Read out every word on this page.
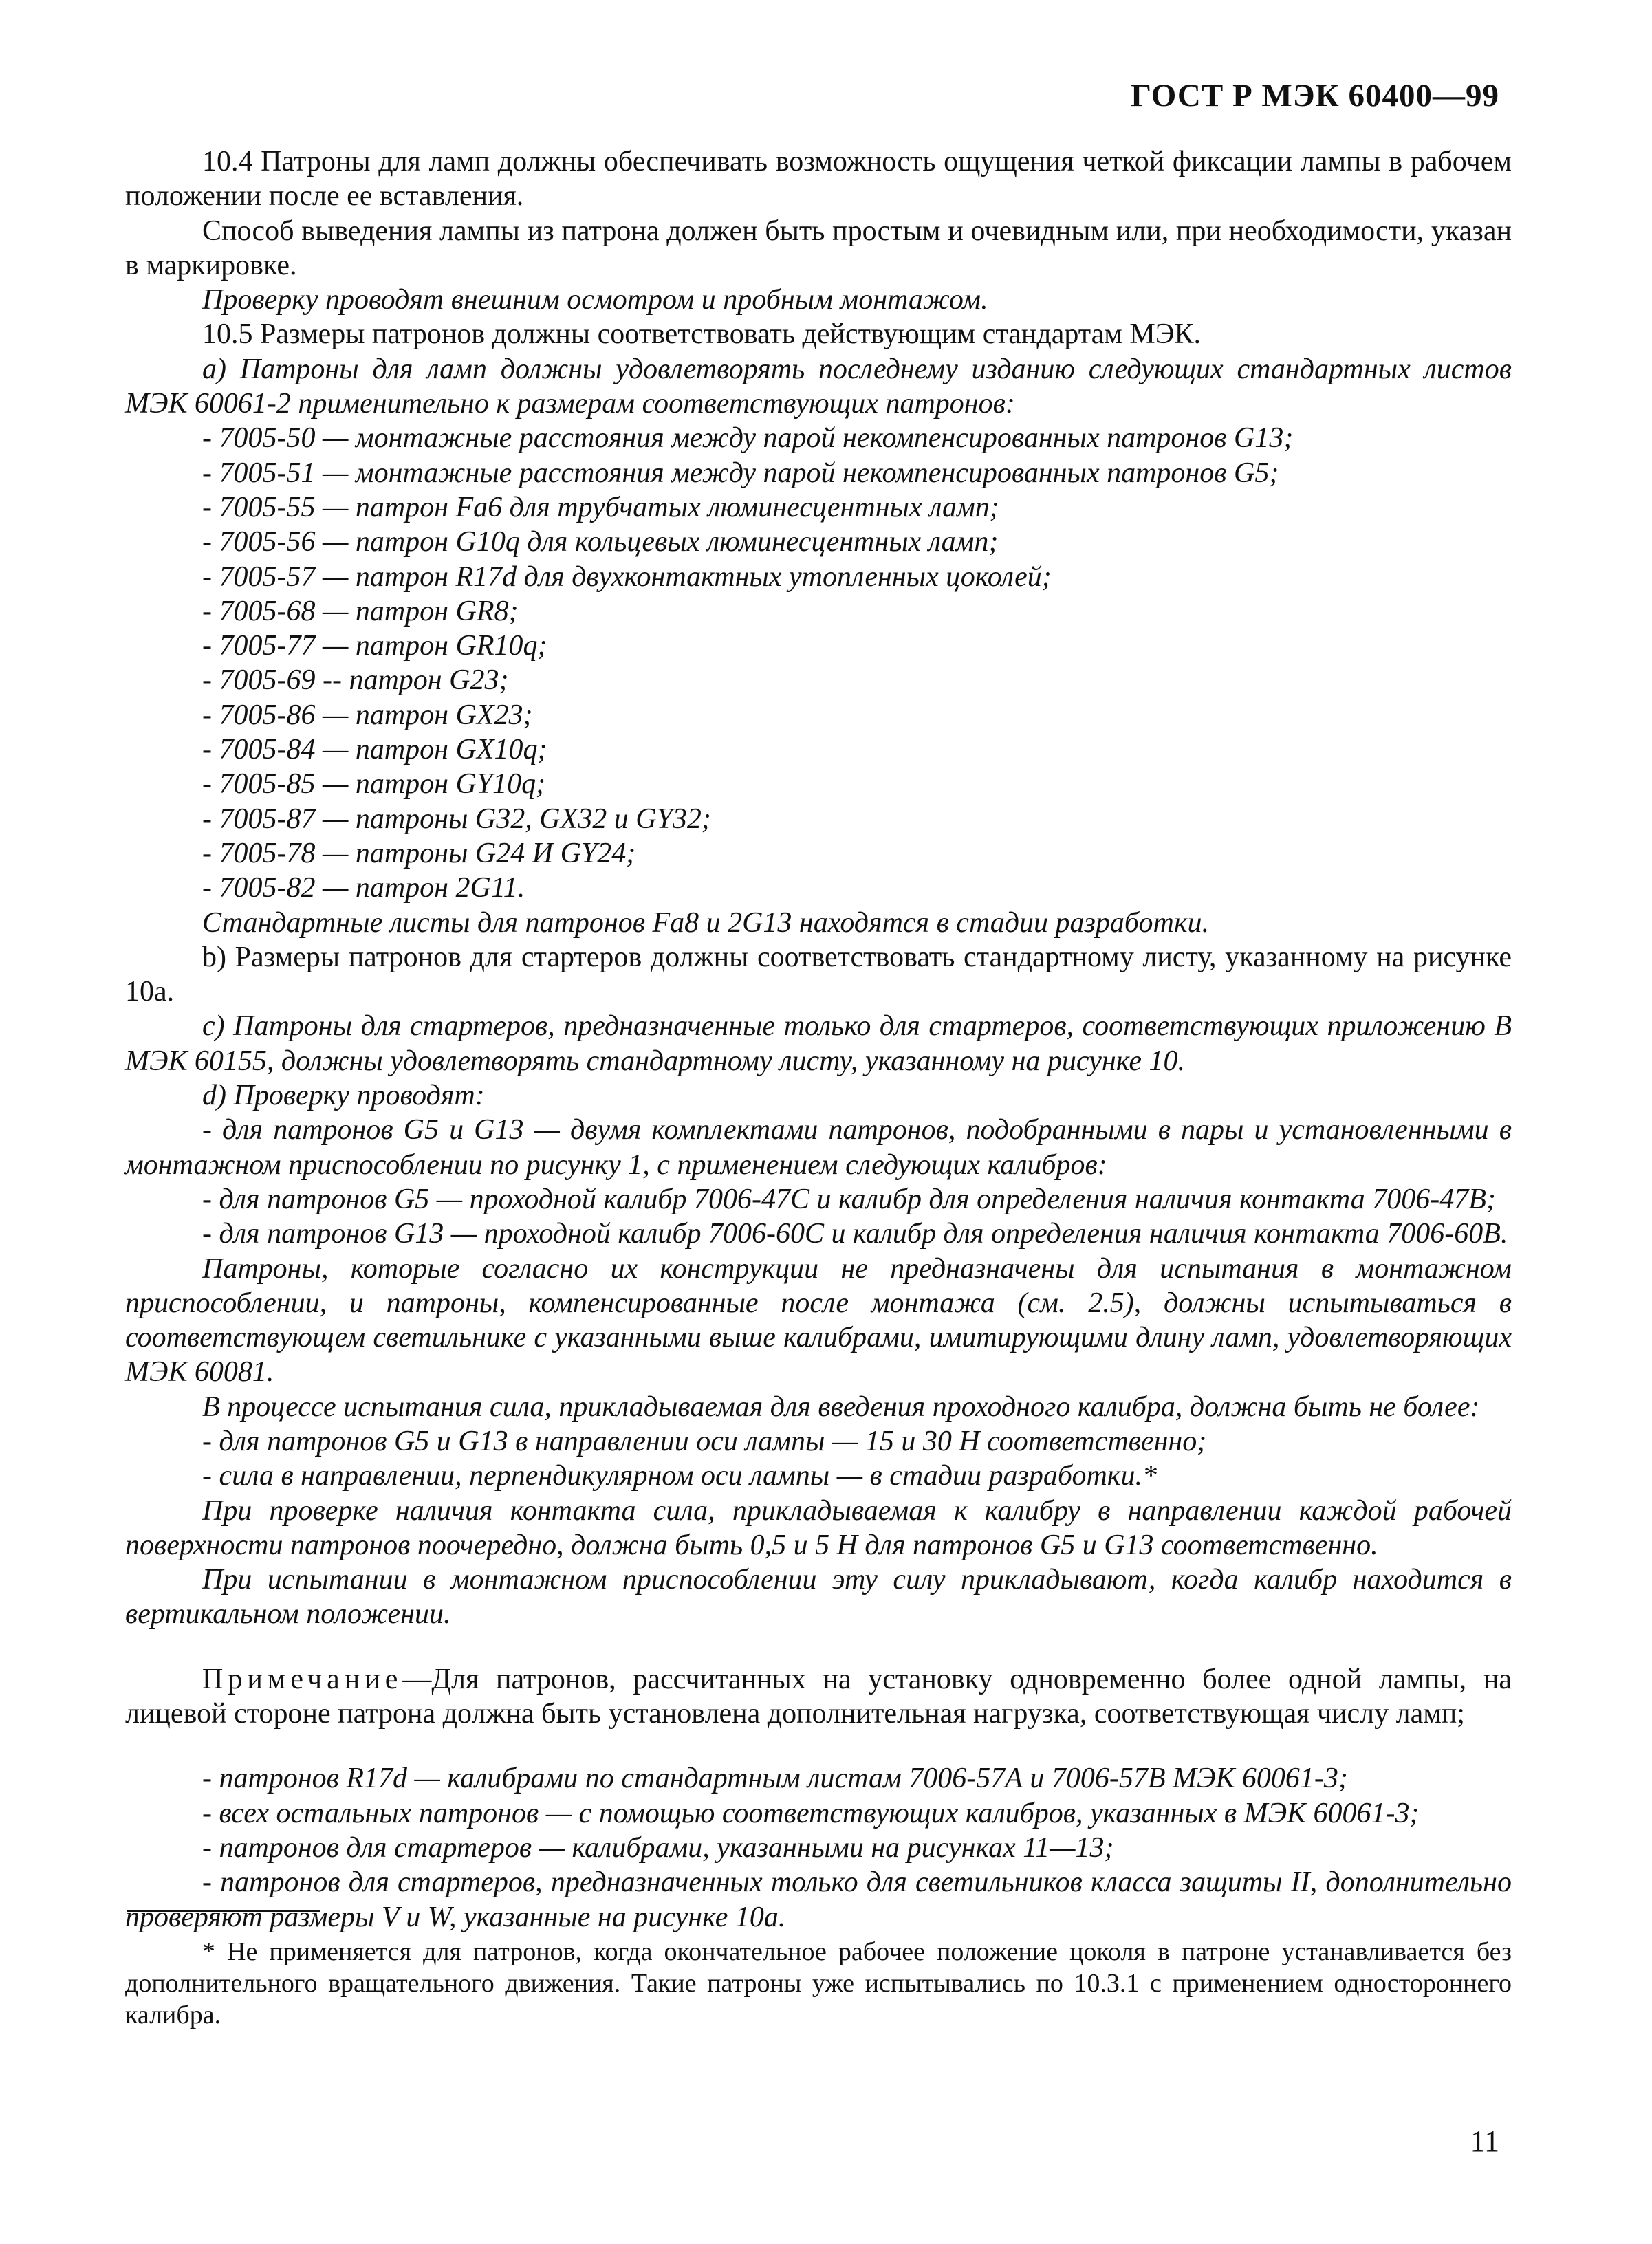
ГОСТ Р МЭК 60400—99

10.4 Патроны для ламп должны обеспечивать возможность ощущения четкой фиксации лампы в рабочем положении после ее вставления.

Способ выведения лампы из патрона должен быть простым и очевидным или, при необходимости, указан в маркировке.

Проверку проводят внешним осмотром и пробным монтажом.

10.5 Размеры патронов должны соответствовать действующим стандартам МЭК.

а) Патроны для ламп должны удовлетворять последнему изданию следующих стандартных листов МЭК 60061-2 применительно к размерам соответствующих патронов:

- 7005-50 — монтажные расстояния между парой некомпенсированных патронов G13;

- 7005-51 — монтажные расстояния между парой некомпенсированных патронов G5;

- 7005-55 — патрон Fa6 для трубчатых люминесцентных ламп;

- 7005-56 — патрон G10q для кольцевых люминесцентных ламп;

- 7005-57 — патрон R17d для двухконтактных утопленных цоколей;

- 7005-68 — патрон GR8;

- 7005-77 — патрон GR10q;

- 7005-69 -- патрон G23;

- 7005-86 — патрон GX23;

- 7005-84 — патрон GX10q;

- 7005-85 — патрон GY10q;

- 7005-87 — патроны G32, GX32 и GY32;

- 7005-78 — патроны G24 И GY24;

- 7005-82 — патрон 2G11.

Стандартные листы для патронов Fa8 и 2G13 находятся в стадии разработки.

b) Размеры патронов для стартеров должны соответствовать стандартному листу, указанному на рисунке 10а.

с) Патроны для стартеров, предназначенные только для стартеров, соответствующих приложению В МЭК 60155, должны удовлетворять стандартному листу, указанному на рисунке 10.

d) Проверку проводят:

- для патронов G5 и G13 — двумя комплектами патронов, подобранными в пары и установленными в монтажном приспособлении по рисунку 1, с применением следующих калибров:

- для патронов G5 — проходной калибр 7006-47С и калибр для определения наличия контакта 7006-47В;

- для патронов G13 — проходной калибр 7006-60С и калибр для определения наличия контакта 7006-60В.

Патроны, которые согласно их конструкции не предназначены для испытания в монтажном приспособлении, и патроны, компенсированные после монтажа (см. 2.5), должны испытываться в соответствующем светильнике с указанными выше калибрами, имитирующими длину ламп, удовлетворяющих МЭК 60081.

В процессе испытания сила, прикладываемая для введения проходного калибра, должна быть не более:

- для патронов G5 и G13 в направлении оси лампы — 15 и 30 Н соответственно;

- сила в направлении, перпендикулярном оси лампы — в стадии разработки.*

При проверке наличия контакта сила, прикладываемая к калибру в направлении каждой рабочей поверхности патронов поочередно, должна быть 0,5 и 5 Н для патронов G5 и G13 соответственно.

При испытании в монтажном приспособлении эту силу прикладывают, когда калибр находится в вертикальном положении.

Примечание—Для патронов, рассчитанных на установку одновременно более одной лампы, на лицевой стороне патрона должна быть установлена дополнительная нагрузка, соответствующая числу ламп;

- патронов R17d — калибрами по стандартным листам 7006-57А и 7006-57В МЭК 60061-3;

- всех остальных патронов — с помощью соответствующих калибров, указанных в МЭК 60061-3;

- патронов для стартеров — калибрами, указанными на рисунках 11—13;

- патронов для стартеров, предназначенных только для светильников класса защиты II, дополнительно проверяют размеры V и W, указанные на рисунке 10а.

* Не применяется для патронов, когда окончательное рабочее положение цоколя в патроне устанавливается без дополнительного вращательного движения. Такие патроны уже испытывались по 10.3.1 с применением одностороннего калибра.

11
